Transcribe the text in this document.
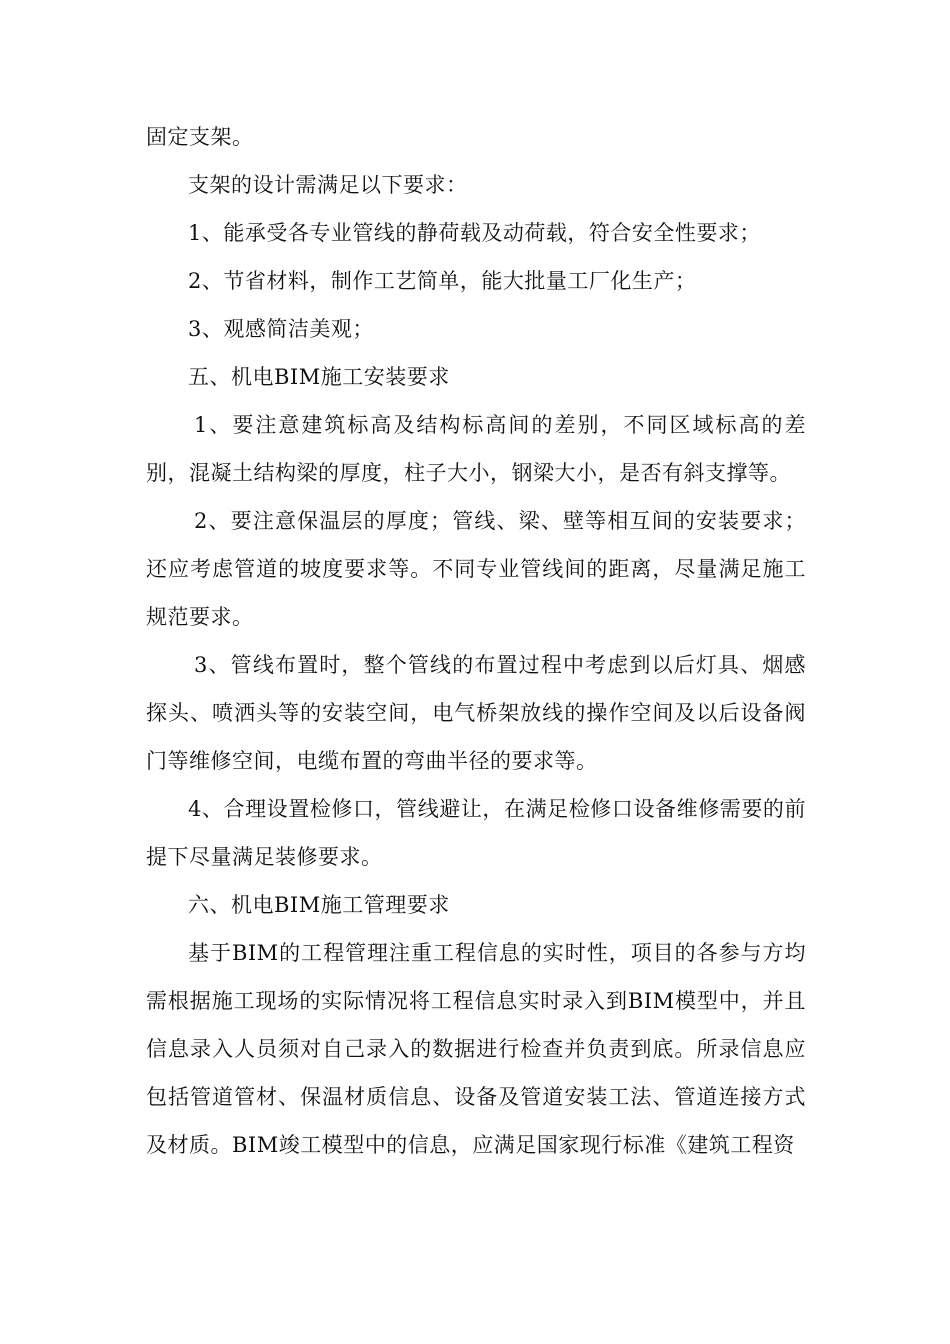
固定支架。

支架的设计需满足以下要求：

1、能承受各专业管线的静荷载及动荷载，符合安全性要求；

2、节省材料，制作工艺简单，能大批量工厂化生产；

3、观感简洁美观；

五、机电BIM施工安装要求

1、要注意建筑标高及结构标高间的差别，不同区域标高的差别，混凝土结构梁的厚度，柱子大小，钢梁大小，是否有斜支撑等。

2、要注意保温层的厚度；管线、梁、壁等相互间的安装要求；还应考虑管道的坡度要求等。不同专业管线间的距离，尽量满足施工规范要求。

3、管线布置时，整个管线的布置过程中考虑到以后灯具、烟感探头、喷洒头等的安装空间，电气桥架放线的操作空间及以后设备阀门等维修空间，电缆布置的弯曲半径的要求等。

4、合理设置检修口，管线避让，在满足检修口设备维修需要的前提下尽量满足装修要求。

六、机电BIM施工管理要求

基于BIM的工程管理注重工程信息的实时性，项目的各参与方均需根据施工现场的实际情况将工程信息实时录入到BIM模型中，并且信息录入人员须对自己录入的数据进行检查并负责到底。所录信息应包括管道管材、保温材质信息、设备及管道安装工法、管道连接方式及材质。BIM竣工模型中的信息，应满足国家现行标准《建筑工程资
